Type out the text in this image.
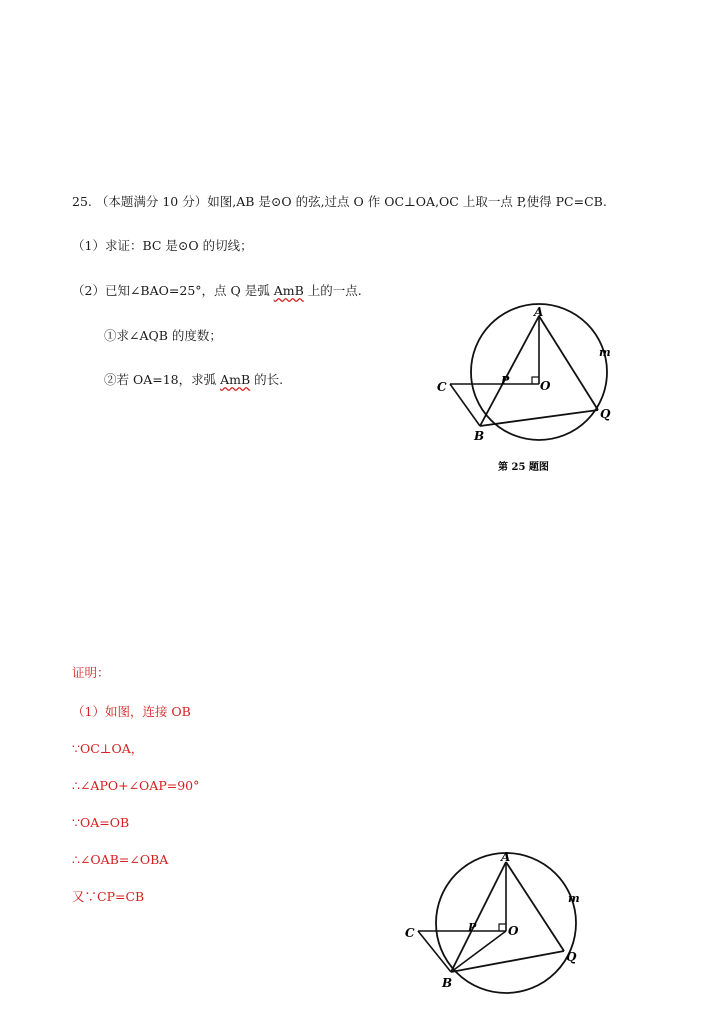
25. （本题满分 10 分）如图,AB 是⊙O 的弦,过点 O 作 OC⊥OA,OC 上取一点 P,使得 PC=CB.
（1）求证：BC 是⊙O 的切线；
（2）已知∠BAO=25°，点 Q 是弧 AmB 上的一点.
①求∠AQB 的度数；
②若 OA=18，求弧 AmB 的长.
A
m
C	P	O
Q
B
第 25 题图
证明：
（1）如图，连接 OB
∵OC⊥OA，
∴∠APO+∠OAP=90°
∵OA=OB
∴∠OAB=∠OBA
又∵CP=CB
A
m
C	P	O
Q
B
